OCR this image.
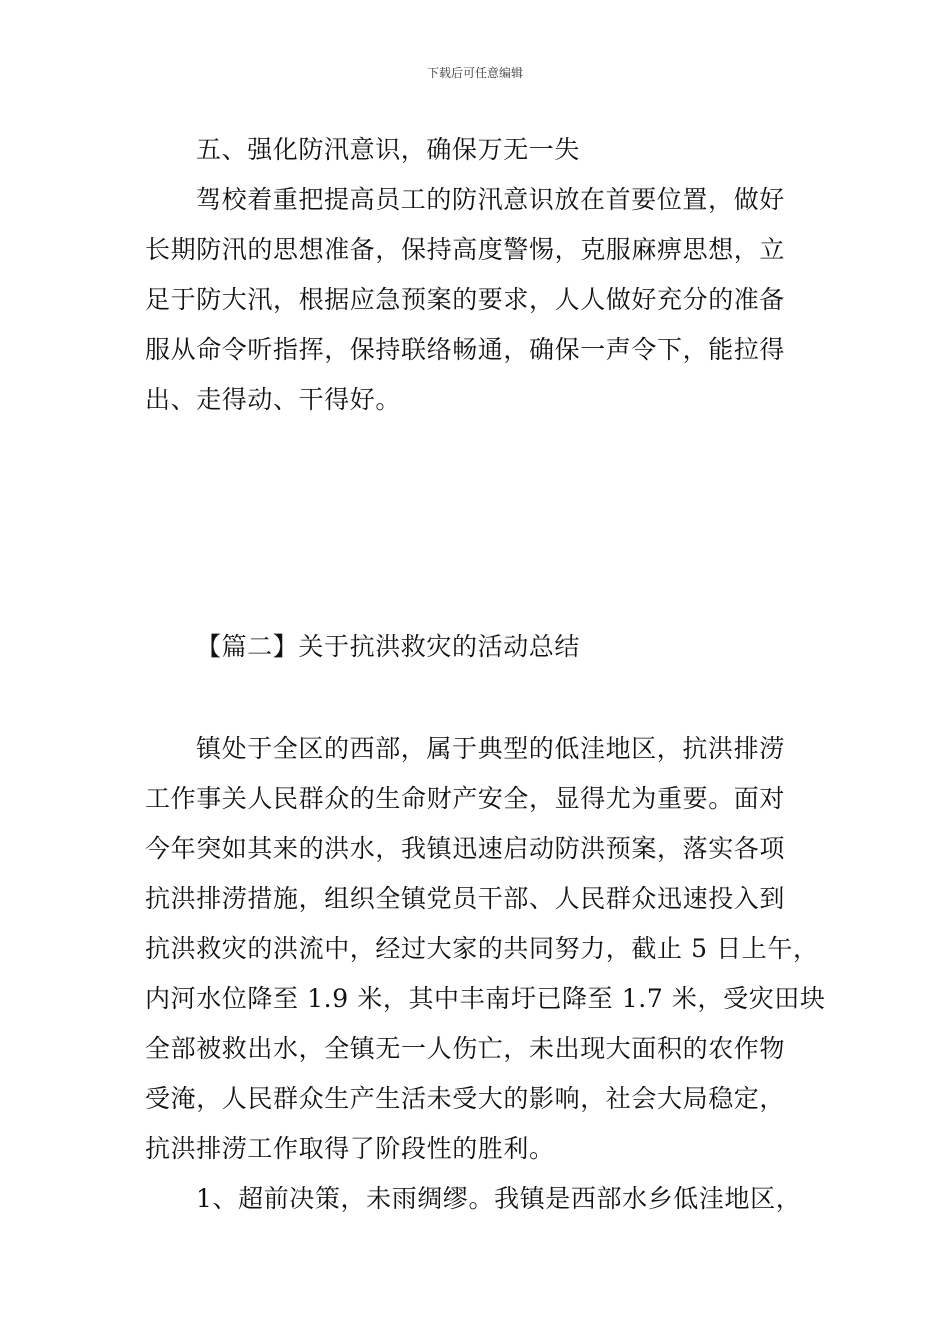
下载后可任意编辑
五、强化防汛意识，确保万无一失
驾校着重把提高员工的防汛意识放在首要位置，做好
长期防汛的思想准备，保持高度警惕，克服麻痹思想，立
足于防大汛，根据应急预案的要求，人人做好充分的准备
服从命令听指挥，保持联络畅通，确保一声令下，能拉得
出、走得动、干得好。
【篇二】关于抗洪救灾的活动总结
镇处于全区的西部，属于典型的低洼地区，抗洪排涝
工作事关人民群众的生命财产安全，显得尤为重要。面对
今年突如其来的洪水，我镇迅速启动防洪预案，落实各项
抗洪排涝措施，组织全镇党员干部、人民群众迅速投入到
抗洪救灾的洪流中，经过大家的共同努力，截止 5 日上午，
内河水位降至 1.9 米，其中丰南圩已降至 1.7 米，受灾田块
全部被救出水，全镇无一人伤亡，未出现大面积的农作物
受淹，人民群众生产生活未受大的影响，社会大局稳定，
抗洪排涝工作取得了阶段性的胜利。
1、超前决策，未雨绸缪。我镇是西部水乡低洼地区，
